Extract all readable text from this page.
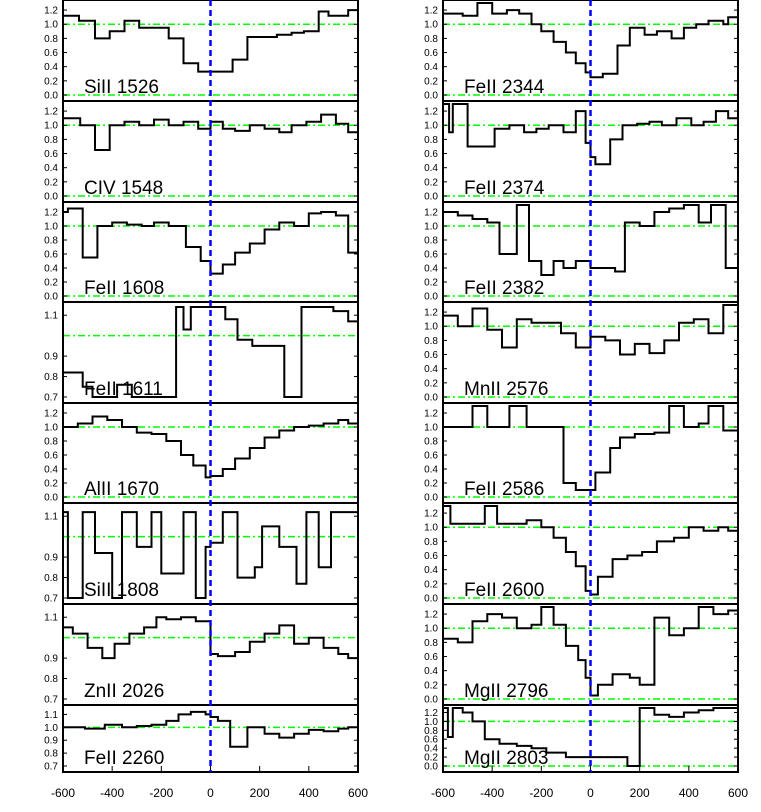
0.0
0.2
0.4
0.6
0.8
1.0
1.2
SiII 1526
0.0
0.2
0.4
0.6
0.8
1.0
1.2
CIV 1548
0.0
0.2
0.4
0.6
0.8
1.0
1.2
FeII 1608
0.7
0.8
0.9
1.1
FeII 1611
0.0
0.2
0.4
0.6
0.8
1.0
1.2
AlII 1670
0.7
0.8
0.9
1.1
SiII 1808
0.7
0.8
0.9
1.1
ZnII 2026
0.7
0.8
0.9
1.0
1.1
FeII 2260
-600 -400 -200	0	200 400 600
0.0
0.2
0.4
0.6
0.8
1.0
1.2
FeII 2344
0.0
0.2
0.4
0.6
0.8
1.0
1.2
FeII 2374
0.0
0.2
0.4
0.6
0.8
1.0
1.2
FeII 2382
0.0
0.2
0.4
0.6
0.8
1.0
1.2
MnII 2576
0.0
0.2
0.4
0.6
0.8
1.0
1.2
FeII 2586
0.0
0.2
0.4
0.6
0.8
1.0
1.2
FeII 2600
0.0
0.2
0.4
0.6
0.8
1.0
1.2
MgII 2796
0.0
0.2
0.4
0.6
0.8
1.0
1.2
MgII 2803
-600 -400 -200	0	200 400 600
